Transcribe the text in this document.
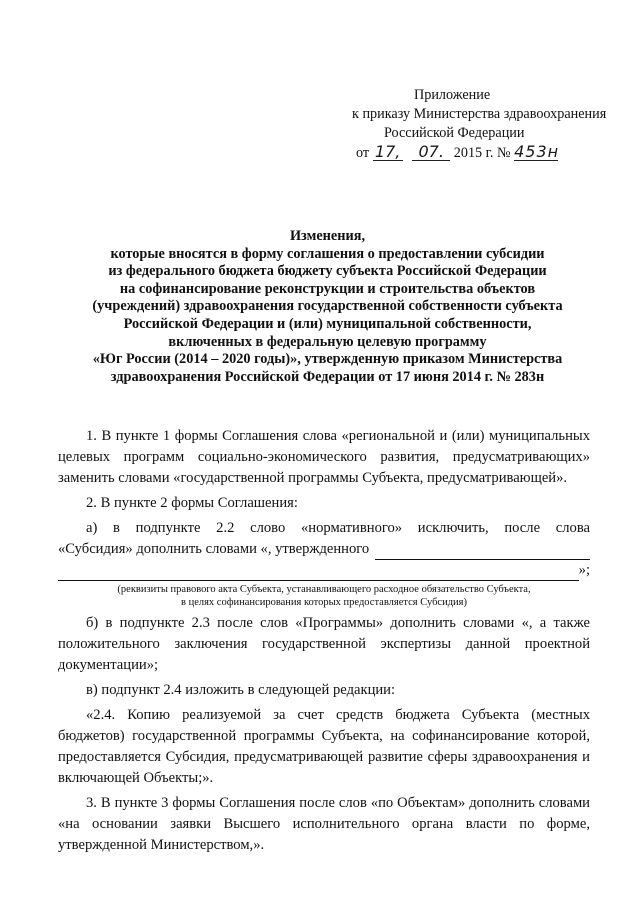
Приложение
к приказу Министерства здравоохранения
Российской Федерации
от 17, 07. 2015 г. № 453н
Изменения,
которые вносятся в форму соглашения о предоставлении субсидии
из федерального бюджета бюджету субъекта Российской Федерации
на софинансирование реконструкции и строительства объектов
(учреждений) здравоохранения государственной собственности субъекта
Российской Федерации и (или) муниципальной собственности,
включенных в федеральную целевую программу
«Юг России (2014 – 2020 годы)», утвержденную приказом Министерства
здравоохранения Российской Федерации от 17 июня 2014 г. № 283н

1. В пункте 1 формы Соглашения слова «региональной и (или) муниципальных целевых программ социально-экономического развития, предусматривающих» заменить словами «государственной программы Субъекта, предусматривающей».

2. В пункте 2 формы Соглашения:

а) в подпункте 2.2 слово «нормативного» исключить, после слова

«Субсидия» дополнить словами «, утвержденного

»;

(реквизиты правового акта Субъекта, устанавливающего расходное обязательство Субъекта,
в целях софинансирования которых предоставляется Субсидия)

б) в подпункте 2.3 после слов «Программы» дополнить словами «, а также положительного заключения государственной экспертизы данной проектной документации»;

в) подпункт 2.4 изложить в следующей редакции:

«2.4. Копию реализуемой за счет средств бюджета Субъекта (местных бюджетов) государственной программы Субъекта, на софинансирование которой, предоставляется Субсидия, предусматривающей развитие сферы здравоохранения и включающей Объекты;».

3. В пункте 3 формы Соглашения после слов «по Объектам» дополнить словами «на основании заявки Высшего исполнительного органа власти по форме, утвержденной Министерством,».
